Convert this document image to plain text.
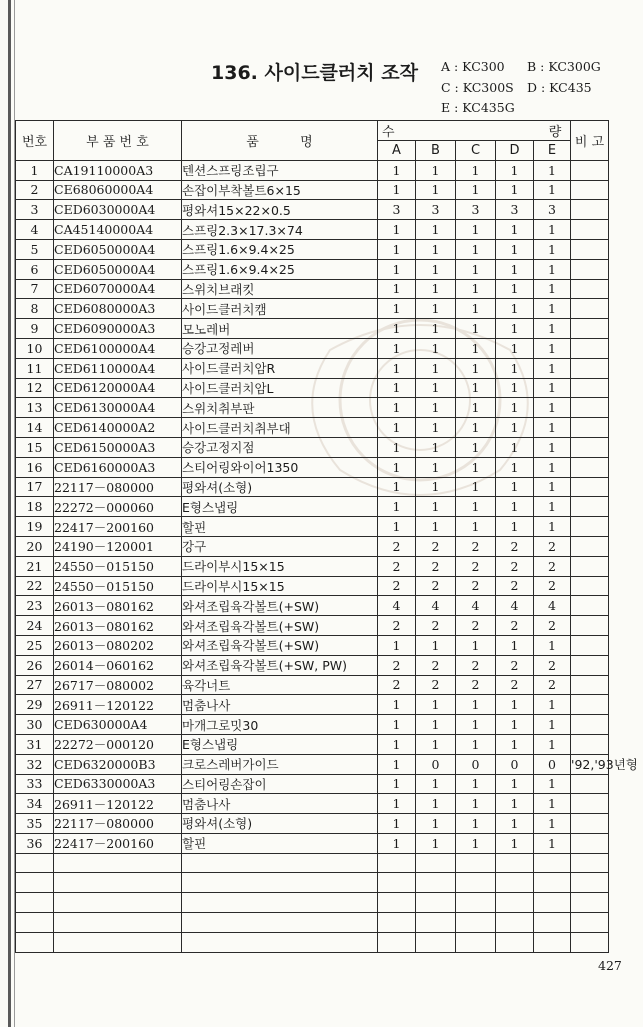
136. 사이드클러치 조작 A : KC300 B : KC300G
C : KC300S D : KC435
E : KC435G
번호	부 품 번 호	품          명	수 량					비 고
			A	B	C	D	E	
1	CA19110000A3	텐션스프링조립구	1	1	1	1	1	
2	CE68060000A4	손잡이부착볼트6×15	1	1	1	1	1	
3	CED6030000A4	평와셔15×22×0.5	3	3	3	3	3	
4	CA45140000A4	스프링2.3×17.3×74	1	1	1	1	1	
5	CED6050000A4	스프링1.6×9.4×25	1	1	1	1	1	
6	CED6050000A4	스프링1.6×9.4×25	1	1	1	1	1	
7	CED6070000A4	스위치브래킷	1	1	1	1	1	
8	CED6080000A3	사이드클러치캠	1	1	1	1	1	
9	CED6090000A3	모노레버	1	1	1	1	1	
10	CED6100000A4	승강고정레버	1	1	1	1	1	
11	CED6110000A4	사이드클러치암R	1	1	1	1	1	
12	CED6120000A4	사이드클러치암L	1	1	1	1	1	
13	CED6130000A4	스위치취부판	1	1	1	1	1	
14	CED6140000A2	사이드클러치취부대	1	1	1	1	1	
15	CED6150000A3	승강고정지점	1	1	1	1	1	
16	CED6160000A3	스티어링와이어1350	1	1	1	1	1	
17	22117－080000	평와셔(소형)	1	1	1	1	1	
18	22272－000060	E형스냅링	1	1	1	1	1	
19	22417－200160	할핀	1	1	1	1	1	
20	24190－120001	강구	2	2	2	2	2	
21	24550－015150	드라이부시15×15	2	2	2	2	2	
22	24550－015150	드라이부시15×15	2	2	2	2	2	
23	26013－080162	와셔조립육각볼트(+SW)	4	4	4	4	4	
24	26013－080162	와셔조립육각볼트(+SW)	2	2	2	2	2	
25	26013－080202	와셔조립육각볼트(+SW)	1	1	1	1	1	
26	26014－060162	와셔조립육각볼트(+SW, PW)	2	2	2	2	2	
27	26717－080002	육각너트	2	2	2	2	2	
29	26911－120122	멈춤나사	1	1	1	1	1	
30	CED630000A4	마개그로밋30	1	1	1	1	1	
31	22272－000120	E형스냅링	1	1	1	1	1	
32	CED6320000B3	크로스레버가이드	1	0	0	0	0	'92,'93년형
33	CED6330000A3	스티어링손잡이	1	1	1	1	1	
34	26911－120122	멈춤나사	1	1	1	1	1	
35	22117－080000	평와셔(소형)	1	1	1	1	1	
36	22417－200160	할핀	1	1	1	1	1	

427
